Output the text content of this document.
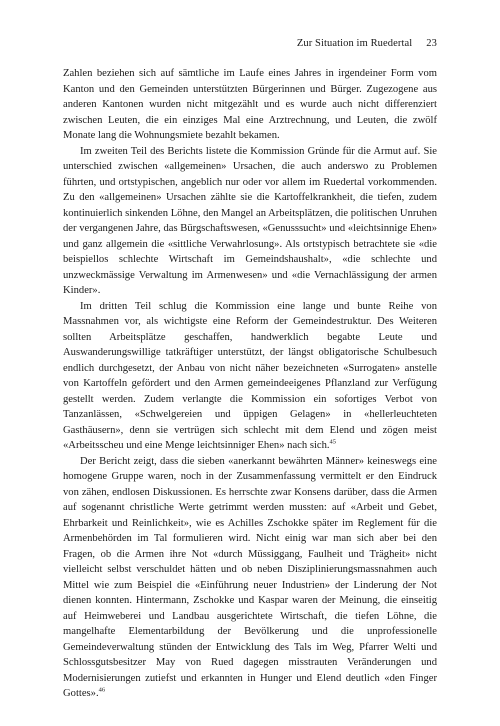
Zur Situation im Ruedertal 23

Zahlen beziehen sich auf sämtliche im Laufe eines Jahres in irgendeiner Form vom Kanton und den Gemeinden unterstützten Bürgerinnen und Bürger. Zugezogene aus anderen Kantonen wurden nicht mitgezählt und es wurde auch nicht differenziert zwischen Leuten, die ein einziges Mal eine Arztrechnung, und Leuten, die zwölf Monate lang die Wohnungsmiete bezahlt bekamen.

Im zweiten Teil des Berichts listete die Kommission Gründe für die Armut auf. Sie unterschied zwischen «allgemeinen» Ursachen, die auch anderswo zu Problemen führten, und ortstypischen, angeblich nur oder vor allem im Ruedertal vorkommenden. Zu den «allgemeinen» Ursachen zählte sie die Kartoffelkrankheit, die tiefen, zudem kontinuierlich sinkenden Löhne, den Mangel an Arbeitsplätzen, die politischen Unruhen der vergangenen Jahre, das Bürgschaftswesen, «Genusssucht» und «leichtsinnige Ehen» und ganz allgemein die «sittliche Verwahrlosung». Als ortstypisch betrachtete sie «die beispiellos schlechte Wirtschaft im Gemeindshaushalt», «die schlechte und unzweckmässige Verwaltung im Armenwesen» und «die Vernachlässigung der armen Kinder».

Im dritten Teil schlug die Kommission eine lange und bunte Reihe von Massnahmen vor, als wichtigste eine Reform der Gemeindestruktur. Des Weiteren sollten Arbeitsplätze geschaffen, handwerklich begabte Leute und Auswanderungswillige tatkräftiger unterstützt, der längst obligatorische Schulbesuch endlich durchgesetzt, der Anbau von nicht näher bezeichneten «Surrogaten» anstelle von Kartoffeln gefördert und den Armen gemeindeeigenes Pflanzland zur Verfügung gestellt werden. Zudem verlangte die Kommission ein sofortiges Verbot von Tanzanlässen, «Schwelgereien und üppigen Gelagen» in «hellerleuchteten Gasthäusern», denn sie vertrügen sich schlecht mit dem Elend und zögen meist «Arbeitsscheu und eine Menge leichtsinniger Ehen» nach sich.$^{45}$

Der Bericht zeigt, dass die sieben «anerkannt bewährten Männer» keineswegs eine homogene Gruppe waren, noch in der Zusammenfassung vermittelt er den Eindruck von zähen, endlosen Diskussionen. Es herrschte zwar Konsens darüber, dass die Armen auf sogenannt christliche Werte getrimmt werden mussten: auf «Arbeit und Gebet, Ehrbarkeit und Reinlichkeit», wie es Achilles Zschokke später im Reglement für die Armenbehörden im Tal formulieren wird. Nicht einig war man sich aber bei den Fragen, ob die Armen ihre Not «durch Müssiggang, Faulheit und Trägheit» nicht vielleicht selbst verschuldet hätten und ob neben Disziplinierungsmassnahmen auch Mittel wie zum Beispiel die «Einführung neuer Industrien» der Linderung der Not dienen konnten. Hintermann, Zschokke und Kaspar waren der Meinung, die einseitig auf Heimweberei und Landbau ausgerichtete Wirtschaft, die tiefen Löhne, die mangelhafte Elementarbildung der Bevölkerung und die unprofessionelle Gemeindeverwaltung stünden der Entwicklung des Tals im Weg, Pfarrer Welti und Schlossgutsbesitzer May von Rued dagegen misstrauten Veränderungen und Modernisierungen zutiefst und erkannten in Hunger und Elend deutlich «den Finger Gottes».$^{46}$
